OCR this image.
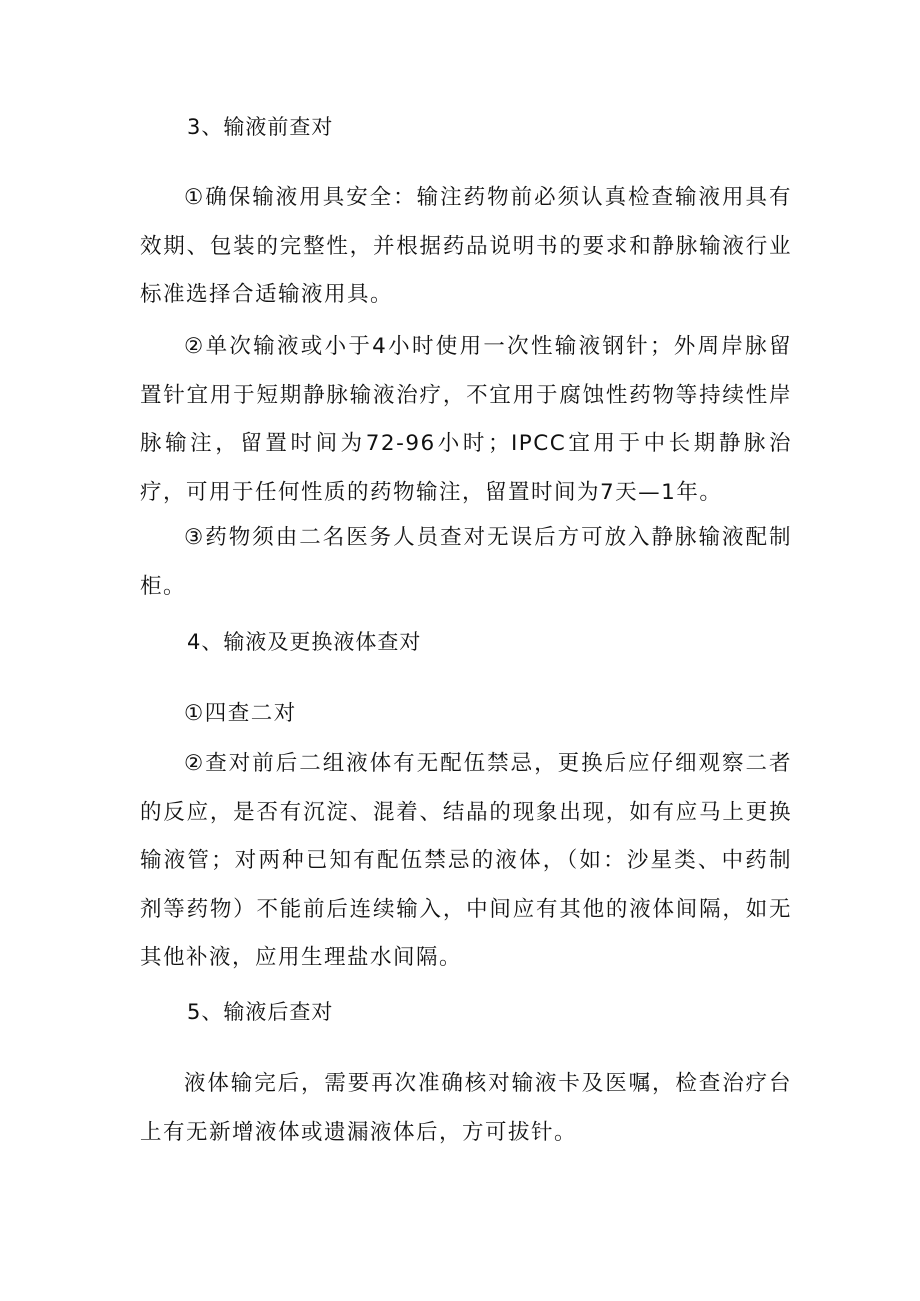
3、输液前查对

①确保输液用具安全：输注药物前必须认真检查输液用具有效期、包装的完整性，并根据药品说明书的要求和静脉输液行业标准选择合适输液用具。

②单次输液或小于4小时使用一次性输液钢针；外周岸脉留置针宜用于短期静脉输液治疗，不宜用于腐蚀性药物等持续性岸脉输注，留置时间为72-96小时；IPCC宜用于中长期静脉治疗，可用于任何性质的药物输注，留置时间为7天—1年。

③药物须由二名医务人员查对无误后方可放入静脉输液配制柜。

4、输液及更换液体查对

①四查二对

②查对前后二组液体有无配伍禁忌，更换后应仔细观察二者的反应，是否有沉淀、混着、结晶的现象出现，如有应马上更换输液管；对两种已知有配伍禁忌的液体，（如：沙星类、中药制剂等药物）不能前后连续输入，中间应有其他的液体间隔，如无其他补液，应用生理盐水间隔。

5、输液后查对

液体输完后，需要再次准确核对输液卡及医嘱，检查治疗台上有无新增液体或遗漏液体后，方可拔针。
